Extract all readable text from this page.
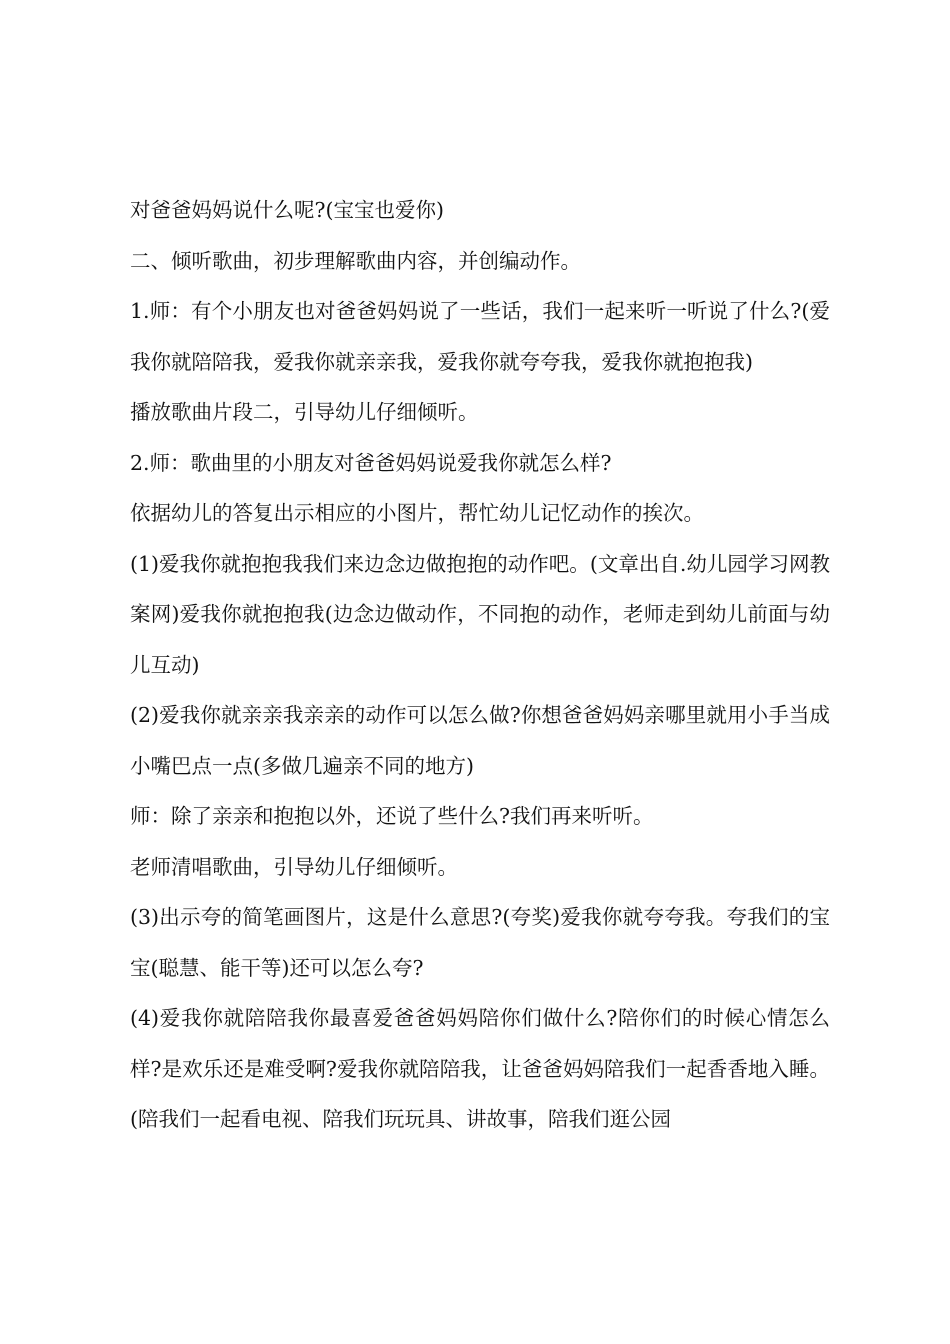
对爸爸妈妈说什么呢?(宝宝也爱你)

二、倾听歌曲，初步理解歌曲内容，并创编动作。

1.师：有个小朋友也对爸爸妈妈说了一些话，我们一起来听一听说了什么?(爱我你就陪陪我，爱我你就亲亲我，爱我你就夸夸我，爱我你就抱抱我)

播放歌曲片段二，引导幼儿仔细倾听。

2.师：歌曲里的小朋友对爸爸妈妈说爱我你就怎么样?

依据幼儿的答复出示相应的小图片，帮忙幼儿记忆动作的挨次。

(1)爱我你就抱抱我我们来边念边做抱抱的动作吧。(文章出自.幼儿园学习网教案网)爱我你就抱抱我(边念边做动作，不同抱的动作，老师走到幼儿前面与幼儿互动)

(2)爱我你就亲亲我亲亲的动作可以怎么做?你想爸爸妈妈亲哪里就用小手当成小嘴巴点一点(多做几遍亲不同的地方)

师：除了亲亲和抱抱以外，还说了些什么?我们再来听听。

老师清唱歌曲，引导幼儿仔细倾听。

(3)出示夸的简笔画图片，这是什么意思?(夸奖)爱我你就夸夸我。夸我们的宝宝(聪慧、能干等)还可以怎么夸?

(4)爱我你就陪陪我你最喜爱爸爸妈妈陪你们做什么?陪你们的时候心情怎么样?是欢乐还是难受啊?爱我你就陪陪我，让爸爸妈妈陪我们一起香香地入睡。(陪我们一起看电视、陪我们玩玩具、讲故事，陪我们逛公园
